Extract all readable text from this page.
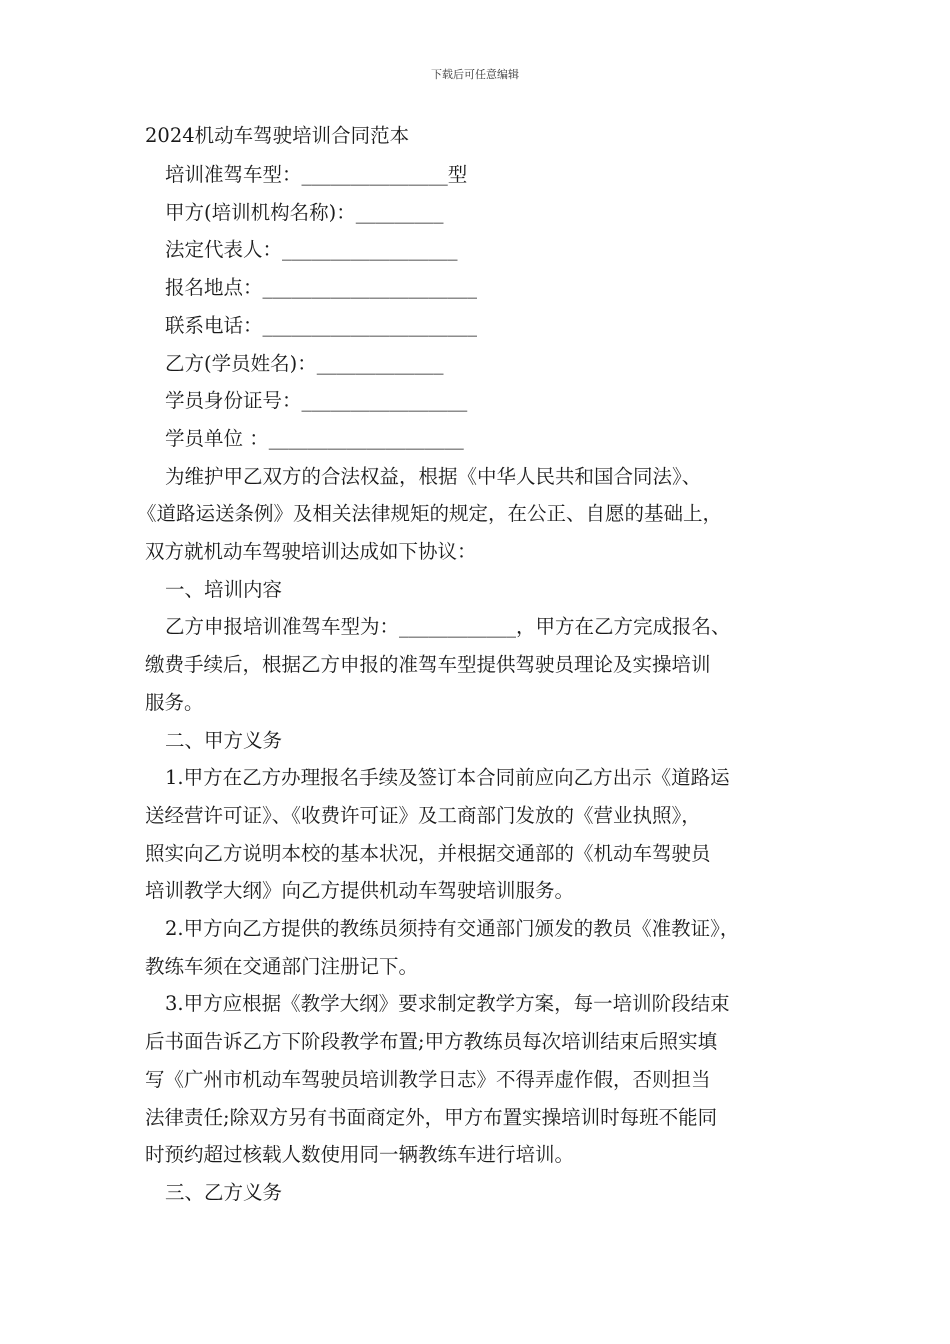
下载后可任意编辑
2024机动车驾驶培训合同范本
培训准驾车型：_______________型
甲方(培训机构名称)：_________
法定代表人：__________________
报名地点：______________________
联系电话：______________________
乙方(学员姓名)：_____________
学员身份证号：_________________
学员单位 ：____________________
为维护甲乙双方的合法权益，根据《中华人民共和国合同法》、
《道路运送条例》及相关法律规矩的规定，在公正、自愿的基础上，
双方就机动车驾驶培训达成如下协议：
一、培训内容
乙方申报培训准驾车型为：____________，甲方在乙方完成报名、
缴费手续后，根据乙方申报的准驾车型提供驾驶员理论及实操培训
服务。
二、甲方义务
1.甲方在乙方办理报名手续及签订本合同前应向乙方出示《道路运
送经营许可证》、《收费许可证》及工商部门发放的《营业执照》，
照实向乙方说明本校的基本状况，并根据交通部的《机动车驾驶员
培训教学大纲》向乙方提供机动车驾驶培训服务。
2.甲方向乙方提供的教练员须持有交通部门颁发的教员《准教证》，
教练车须在交通部门注册记下。
3.甲方应根据《教学大纲》要求制定教学方案，每一培训阶段结束
后书面告诉乙方下阶段教学布置;甲方教练员每次培训结束后照实填
写《广州市机动车驾驶员培训教学日志》不得弄虚作假，否则担当
法律责任;除双方另有书面商定外，甲方布置实操培训时每班不能同
时预约超过核载人数使用同一辆教练车进行培训。
三、乙方义务
